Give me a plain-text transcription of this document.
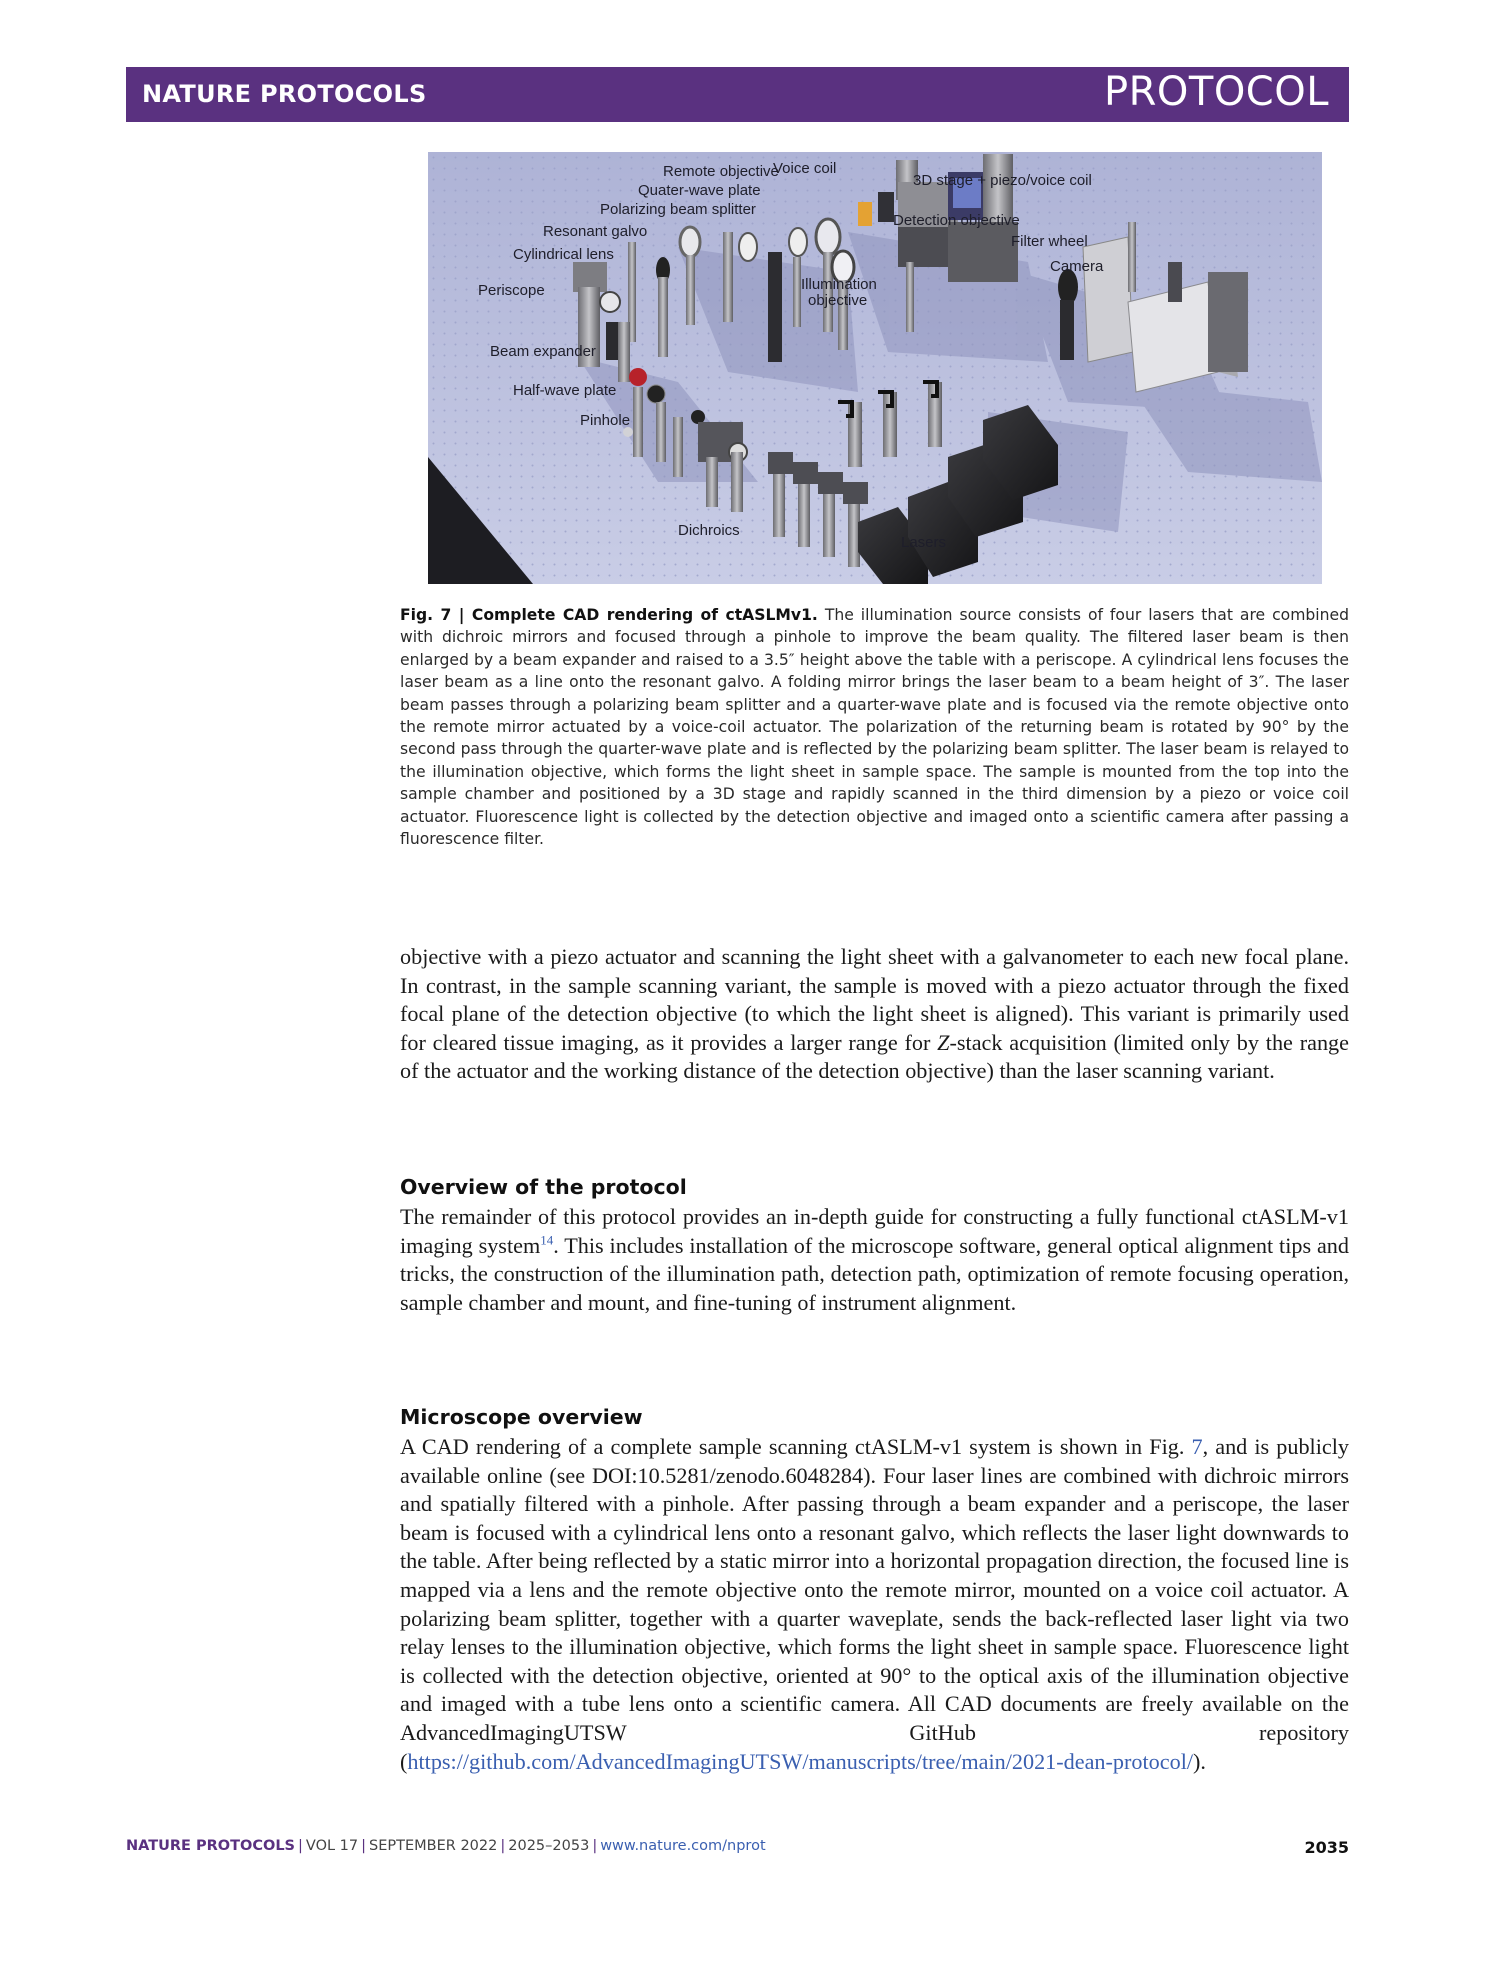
NATURE PROTOCOLS	PROTOCOL
Voice coil
Remote objective
Quater-wave plate
3D stage + piezo/voice coil
Polarizing beam splitter
Resonant galvo
Detection objective
Filter wheel
Cylindrical lens
Camera
Illumination
objective
Periscope
Beam expander
Half-wave plate
Pinhole
Dichroics
Lasers

Fig. 7 | Complete CAD rendering of ctASLMv1. The illumination source consists of four lasers that are combined with dichroic mirrors and focused through a pinhole to improve the beam quality. The filtered laser beam is then enlarged by a beam expander and raised to a 3.5″ height above the table with a periscope. A cylindrical lens focuses the laser beam as a line onto the resonant galvo. A folding mirror brings the laser beam to a beam height of 3″. The laser beam passes through a polarizing beam splitter and a quarter-wave plate and is focused via the remote objective onto the remote mirror actuated by a voice-coil actuator. The polarization of the returning beam is rotated by 90° by the second pass through the quarter-wave plate and is reflected by the polarizing beam splitter. The laser beam is relayed to the illumination objective, which forms the light sheet in sample space. The sample is mounted from the top into the sample chamber and positioned by a 3D stage and rapidly scanned in the third dimension by a piezo or voice coil actuator. Fluorescence light is collected by the detection objective and imaged onto a scientific camera after passing a fluorescence filter.

objective with a piezo actuator and scanning the light sheet with a galvanometer to each new focal plane. In contrast, in the sample scanning variant, the sample is moved with a piezo actuator through the fixed focal plane of the detection objective (to which the light sheet is aligned). This variant is primarily used for cleared tissue imaging, as it provides a larger range for Z-stack acquisition (limited only by the range of the actuator and the working distance of the detection objective) than the laser scanning variant.

Overview of the protocol

The remainder of this protocol provides an in-depth guide for constructing a fully functional ctASLM-v1 imaging system$^{14}$. This includes installation of the microscope software, general optical alignment tips and tricks, the construction of the illumination path, detection path, optimization of remote focusing operation, sample chamber and mount, and fine-tuning of instrument alignment.

Microscope overview

A CAD rendering of a complete sample scanning ctASLM-v1 system is shown in Fig. 7, and is publicly available online (see DOI:10.5281/zenodo.6048284). Four laser lines are combined with dichroic mirrors and spatially filtered with a pinhole. After passing through a beam expander and a periscope, the laser beam is focused with a cylindrical lens onto a resonant galvo, which reflects the laser light downwards to the table. After being reflected by a static mirror into a horizontal propagation direction, the focused line is mapped via a lens and the remote objective onto the remote mirror, mounted on a voice coil actuator. A polarizing beam splitter, together with a quarter waveplate, sends the back-reflected laser light via two relay lenses to the illumination objective, which forms the light sheet in sample space. Fluorescence light is collected with the detection objective, oriented at 90° to the optical axis of the illumination objective and imaged with a tube lens onto a scientific camera. All CAD documents are freely available on the AdvancedImagingUTSW GitHub repository (https://github.com/AdvancedImagingUTSW/manuscripts/tree/main/2021-dean-protocol/).

NATURE PROTOCOLS | VOL 17 | SEPTEMBER 2022 | 2025–2053 | www.nature.com/nprot	2035
